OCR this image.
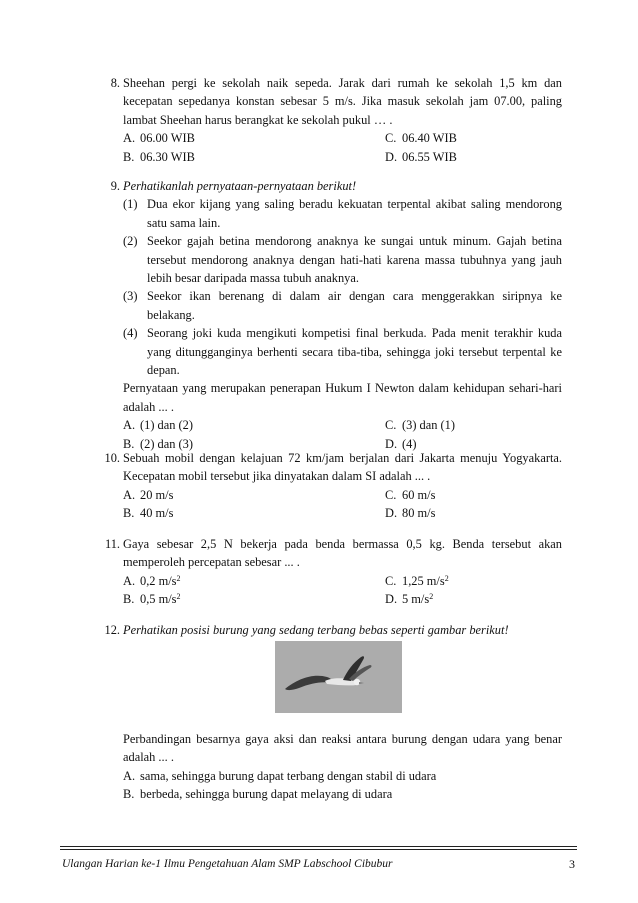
8. Sheehan pergi ke sekolah naik sepeda. Jarak dari rumah ke sekolah 1,5 km dan kecepatan sepedanya konstan sebesar 5 m/s. Jika masuk sekolah jam 07.00, paling lambat Sheehan harus berangkat ke sekolah pukul … .
A. 06.00 WIB	C. 06.40 WIB
B. 06.30 WIB	D. 06.55 WIB
9. Perhatikanlah pernyataan-pernyataan berikut!
(1) Dua ekor kijang yang saling beradu kekuatan terpental akibat saling mendorong satu sama lain.
(2) Seekor gajah betina mendorong anaknya ke sungai untuk minum. Gajah betina tersebut mendorong anaknya dengan hati-hati karena massa tubuhnya yang jauh lebih besar daripada massa tubuh anaknya.
(3) Seekor ikan berenang di dalam air dengan cara menggerakkan siripnya ke belakang.
(4) Seorang joki kuda mengikuti kompetisi final berkuda. Pada menit terakhir kuda yang ditungganginya berhenti secara tiba-tiba, sehingga joki tersebut terpental ke depan.
Pernyataan yang merupakan penerapan Hukum I Newton dalam kehidupan sehari-hari adalah ... .
A. (1) dan (2)	C. (3) dan (1)
B. (2) dan (3)	D. (4)
10. Sebuah mobil dengan kelajuan 72 km/jam berjalan dari Jakarta menuju Yogyakarta. Kecepatan mobil tersebut jika dinyatakan dalam SI adalah ... .
A. 20 m/s	C. 60 m/s
B. 40 m/s	D. 80 m/s
11. Gaya sebesar 2,5 N bekerja pada benda bermassa 0,5 kg. Benda tersebut akan memperoleh percepatan sebesar ... .
A. 0,2 $m/s^2$	C. 1,25 $m/s^2$
B. 0,5 $m/s^2$	D. 5 $m/s^2$
12. Perhatikan posisi burung yang sedang terbang bebas seperti gambar berikut!
Perbandingan besarnya gaya aksi dan reaksi antara burung dengan udara yang benar adalah ... .
A. sama, sehingga burung dapat terbang dengan stabil di udara
B. berbeda, sehingga burung dapat melayang di udara
Ulangan Harian ke-1 Ilmu Pengetahuan Alam SMP Labschool Cibubur	3
